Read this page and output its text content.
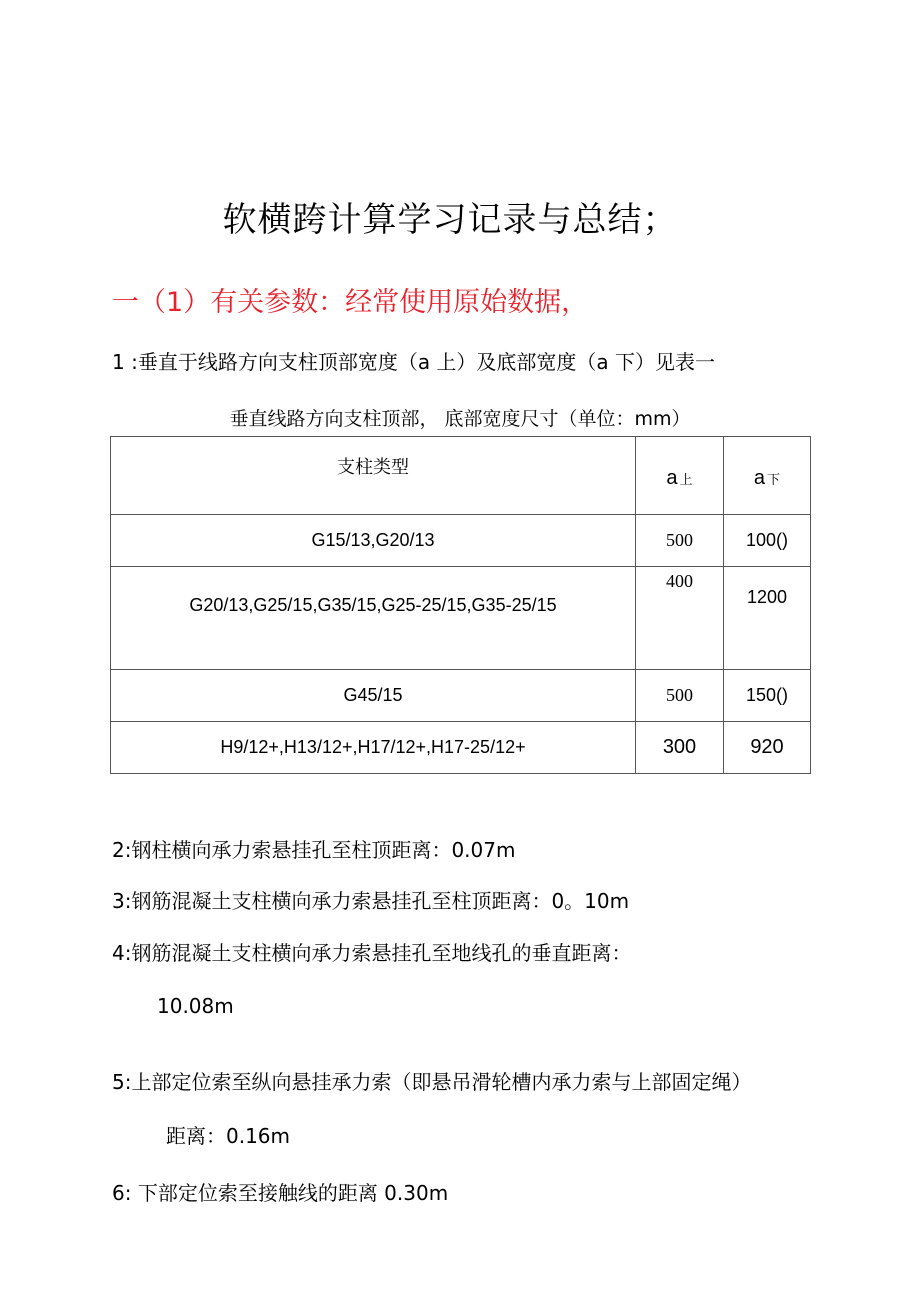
软横跨计算学习记录与总结；
一（1）有关参数：经常使用原始数据，
1 :垂直于线路方向支柱顶部宽度（a 上）及底部宽度（a 下）见表一
垂直线路方向支柱顶部， 底部宽度尺寸（单位：mm）
支柱类型	a 上	a 下
G15/13,G20/13	500	100()
G20/13,G25/15,G35/15,G25-25/15,G35-25/15	400	1200
G45/15	500	150()
H9/12+,H13/12+,H17/12+,H17-25/12+	300	920
2:钢柱横向承力索悬挂孔至柱顶距离：0.07m
3:钢筋混凝土支柱横向承力索悬挂孔至柱顶距离：0。10m
4:钢筋混凝土支柱横向承力索悬挂孔至地线孔的垂直距离：
10.08m
5:上部定位索至纵向悬挂承力索（即悬吊滑轮槽内承力索与上部固定绳）
距离：0.16m
6: 下部定位索至接触线的距离 0.30m
